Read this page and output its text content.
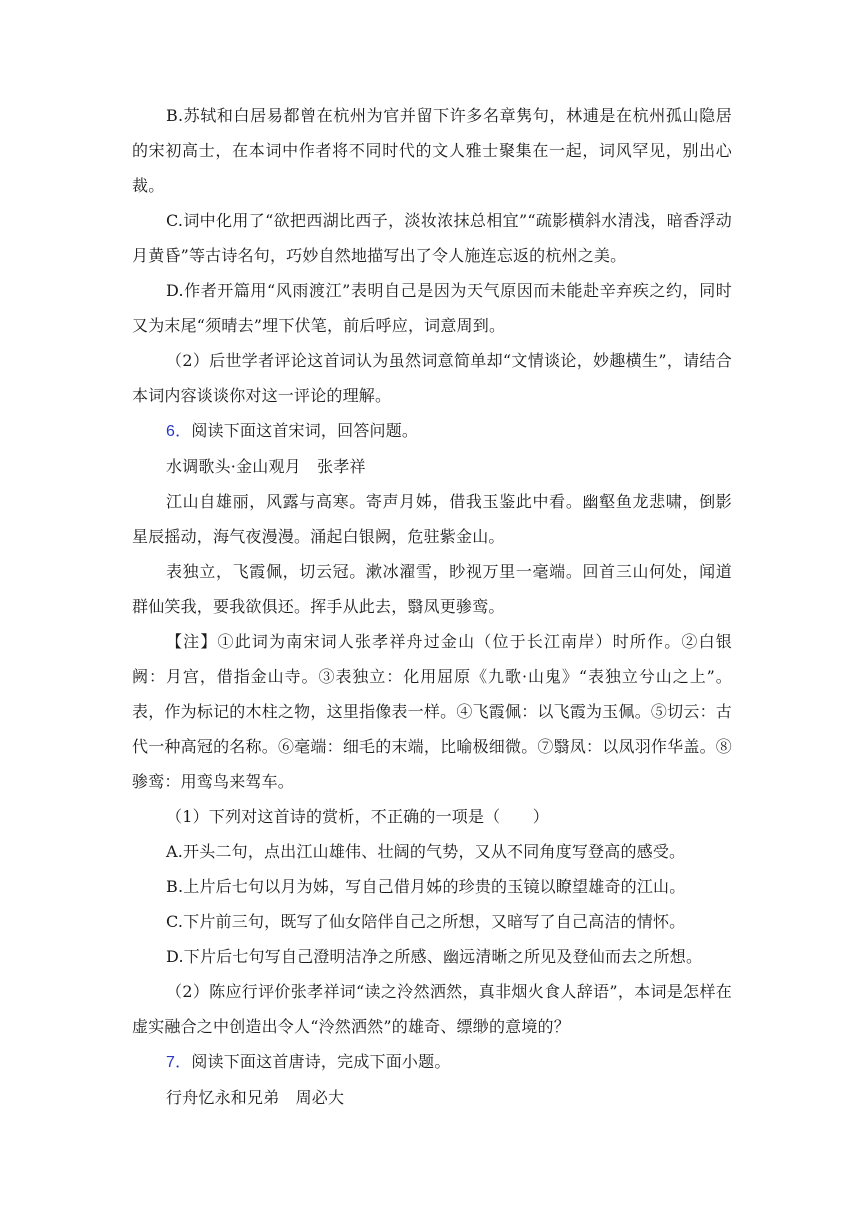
B.苏轼和白居易都曾在杭州为官并留下许多名章隽句，林逋是在杭州孤山隐居的宋初高士，在本词中作者将不同时代的文人雅士聚集在一起，词风罕见，别出心裁。

C.词中化用了“欲把西湖比西子，淡妆浓抹总相宜”“疏影横斜水清浅，暗香浮动月黄昏”等古诗名句，巧妙自然地描写出了令人施连忘返的杭州之美。

D.作者开篇用“风雨渡江”表明自己是因为天气原因而未能赴辛弃疾之约，同时又为末尾“须晴去”埋下伏笔，前后呼应，词意周到。

（2）后世学者评论这首词认为虽然词意简单却“文情谈论，妙趣横生”，请结合本词内容谈谈你对这一评论的理解。

6．阅读下面这首宋词，回答问题。

水调歌头·金山观月　张孝祥

江山自雄丽，风露与高寒。寄声月姊，借我玉鉴此中看。幽壑鱼龙悲啸，倒影星辰摇动，海气夜漫漫。涌起白银阙，危驻紫金山。

表独立，飞霞佩，切云冠。漱冰濯雪，眇视万里一毫端。回首三山何处，闻道群仙笑我，要我欲俱还。挥手从此去，翳凤更骖鸾。

【注】①此词为南宋词人张孝祥舟过金山（位于长江南岸）时所作。②白银阙：月宫，借指金山寺。③表独立：化用屈原《九歌·山鬼》“表独立兮山之上”。表，作为标记的木柱之物，这里指像表一样。④飞霞佩：以飞霞为玉佩。⑤切云：古代一种高冠的名称。⑥毫端：细毛的末端，比喻极细微。⑦翳凤：以凤羽作华盖。⑧骖鸾：用鸾鸟来驾车。

（1）下列对这首诗的赏析，不正确的一项是（　　）

A.开头二句，点出江山雄伟、壮阔的气势，又从不同角度写登高的感受。

B.上片后七句以月为姊，写自己借月姊的珍贵的玉镜以瞭望雄奇的江山。

C.下片前三句，既写了仙女陪伴自己之所想，又暗写了自己高洁的情怀。

D.下片后七句写自己澄明洁净之所感、幽远清晰之所见及登仙而去之所想。

（2）陈应行评价张孝祥词“读之泠然洒然，真非烟火食人辞语”，本词是怎样在虚实融合之中创造出令人“泠然洒然”的雄奇、缥缈的意境的？

7．阅读下面这首唐诗，完成下面小题。

行舟忆永和兄弟　周必大
